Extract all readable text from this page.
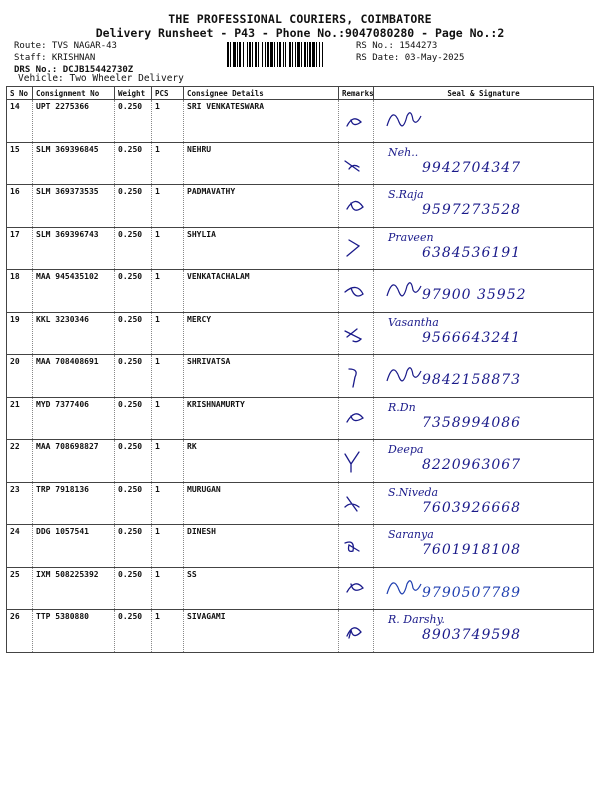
THE PROFESSIONAL COURIERS, COIMBATORE
Delivery Runsheet - P43 - Phone No.:9047080280 - Page No.:2
Route: TVS NAGAR-43
Staff: KRISHNAN
DRS No.: DCJB15442730Z
RS No.: 1544273
RS Date: 03-May-2025
Vehicle: Two Wheeler Delivery
S No	Consignment No	Weight	PCS	Consignee Details	Remarks	Seal & Signature
14	UPT 2275366	0.250	1	SRI VENKATESWARA	

15	SLM 369396845	0.250	1	NEHRU		Neh..
9942704347

16	SLM 369373535	0.250	1	PADMAVATHY		S.Raja
9597273528

17	SLM 369396743	0.250	1	SHYLIA		Praveen
6384536191

18	MAA 945435102	0.250	1	VENKATACHALAM		97900 35952

19	KKL 3230346	0.250	1	MERCY		Vasantha
9566643241

20	MAA 708408691	0.250	1	SHRIVATSA		9842158873

21	MYD 7377406	0.250	1	KRISHNAMURTY		R.Dn
7358994086

22	MAA 708698827	0.250	1	RK		Deepa
8220963067

23	TRP 7918136	0.250	1	MURUGAN		S.Niveda
7603926668

24	DDG 1057541	0.250	1	DINESH		Saranya
7601918108

25	IXM 508225392	0.250	1	SS		9790507789

26	TTP 5380880	0.250	1	SIVAGAMI		R. Darshy.
8903749598
